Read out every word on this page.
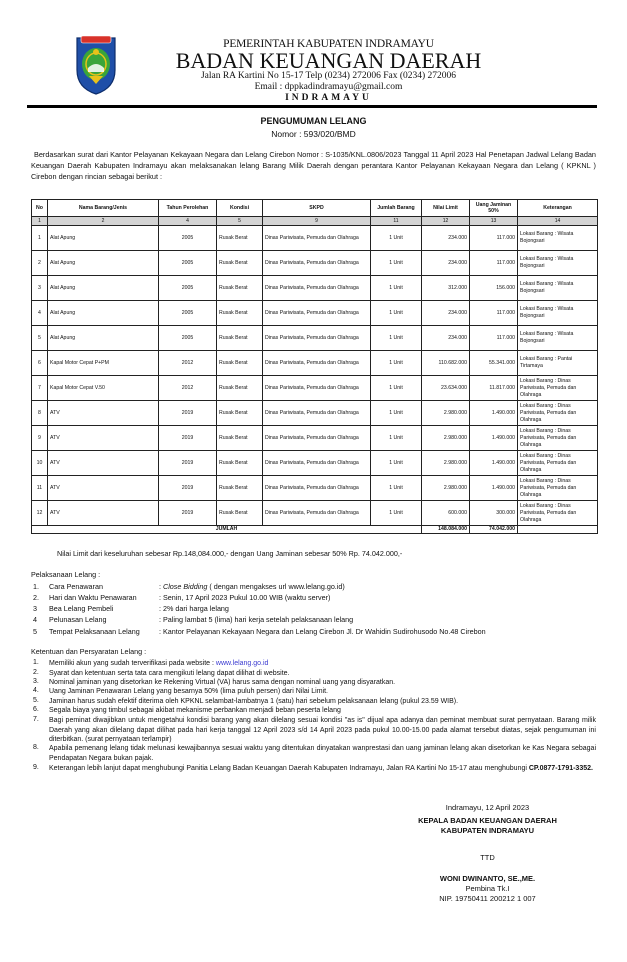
PEMERINTAH KABUPATEN INDRAMAYU
BADAN KEUANGAN DAERAH
Jalan RA Kartini No 15-17 Telp (0234) 272006 Fax (0234) 272006
Email : dppkadindramayu@gmail.com
INDRAMAYU
PENGUMUMAN LELANG
Nomor : 593/020/BMD
Berdasarkan surat dari Kantor Pelayanan Kekayaan Negara dan Lelang Cirebon Nomor : S-1035/KNL.0806/2023 Tanggal 11 April 2023 Hal Penetapan Jadwal Lelang Badan Keuangan Daerah Kabupaten Indramayu akan melaksanakan lelang Barang Milik Daerah dengan perantara Kantor Pelayanan Kekayaan Negara dan Lelang ( KPKNL ) Cirebon dengan rincian sebagai berikut :
No	Nama Barang/Jenis	Tahun Perolehan	Kondisi	SKPD	Jumlah Barang	Nilai Limit	Uang Jaminan 50%	Keterangan
1	2	4	5	9	11	12	13	14
1	Alat Apung	2005	Rusak Berat	Dinas Pariwisata, Pemuda dan Olahraga	1 Unit	234.000	117.000	Lokasi Barang : Wisata Bojongsari
2	Alat Apung	2005	Rusak Berat	Dinas Pariwisata, Pemuda dan Olahraga	1 Unit	234.000	117.000	Lokasi Barang : Wisata Bojongsari
3	Alat Apung	2005	Rusak Berat	Dinas Pariwisata, Pemuda dan Olahraga	1 Unit	312.000	156.000	Lokasi Barang : Wisata Bojongsari
4	Alat Apung	2005	Rusak Berat	Dinas Pariwisata, Pemuda dan Olahraga	1 Unit	234.000	117.000	Lokasi Barang : Wisata Bojongsari
5	Alat Apung	2005	Rusak Berat	Dinas Pariwisata, Pemuda dan Olahraga	1 Unit	234.000	117.000	Lokasi Barang : Wisata Bojongsari
6	Kapal Motor Cepat P+PM	2012	Rusak Berat	Dinas Pariwisata, Pemuda dan Olahraga	1 Unit	110.682.000	55.341.000	Lokasi Barang : Pantai Tirtamaya
7	Kapal Motor Cepat V.50	2012	Rusak Berat	Dinas Pariwisata, Pemuda dan Olahraga	1 Unit	23.634.000	11.817.000	Lokasi Barang : Dinas Pariwisata, Pemuda dan Olahraga
8	ATV	2019	Rusak Berat	Dinas Pariwisata, Pemuda dan Olahraga	1 Unit	2.980.000	1.490.000	Lokasi Barang : Dinas Pariwisata, Pemuda dan Olahraga
9	ATV	2019	Rusak Berat	Dinas Pariwisata, Pemuda dan Olahraga	1 Unit	2.980.000	1.490.000	Lokasi Barang : Dinas Pariwisata, Pemuda dan Olahraga
10	ATV	2019	Rusak Berat	Dinas Pariwisata, Pemuda dan Olahraga	1 Unit	2.980.000	1.490.000	Lokasi Barang : Dinas Pariwisata, Pemuda dan Olahraga
11	ATV	2019	Rusak Berat	Dinas Pariwisata, Pemuda dan Olahraga	1 Unit	2.980.000	1.490.000	Lokasi Barang : Dinas Pariwisata, Pemuda dan Olahraga
12	ATV	2019	Rusak Berat	Dinas Pariwisata, Pemuda dan Olahraga	1 Unit	600.000	300.000	Lokasi Barang : Dinas Pariwisata, Pemuda dan Olahraga
JUMLAH						148.084.000	74.042.000	
Nilai Limit dari keseluruhan sebesar Rp.148,084.000,- dengan Uang Jaminan sebesar 50% Rp. 74.042.000,-
Pelaksanaan Lelang :
1. Cara Penawaran	: Close Bidding ( dengan mengakses url www.lelang.go.id)
2. Hari dan Waktu Penawaran	: Senin, 17 April 2023 Pukul 10.00 WIB (waktu server)
3 Bea Lelang Pembeli	: 2% dari harga lelang
4 Pelunasan Lelang	: Paling lambat 5 (lima) hari kerja setelah pelaksanaan lelang
5 Tempat Pelaksanaan Lelang	: Kantor Pelayanan Kekayaan Negara dan Lelang Cirebon Jl. Dr Wahidin Sudirohusodo No.48 Cirebon
Ketentuan dan Persyaratan Lelang :
1. Memiliki akun yang sudah terverifikasi pada website : www.lelang.go.id
2. Syarat dan ketentuan serta tata cara mengikuti lelang dapat dilihat di website.
3. Nominal jaminan yang disetorkan ke Rekening Virtual (VA) harus sama dengan nominal uang yang disyaratkan.
4. Uang Jaminan Penawaran Lelang yang besarnya 50% (lima puluh persen) dari Nilai Limit.
5. Jaminan harus sudah efektif diterima oleh KPKNL selambat-lambatnya 1 (satu) hari sebelum pelaksanaan lelang (pukul 23.59 WIB).
6. Segala biaya yang timbul sebagai akibat mekanisme perbankan menjadi beban peserta lelang
7. Bagi peminat diwajibkan untuk mengetahui kondisi barang yang akan dilelang sesuai kondisi "as is" dijual apa adanya dan peminat membuat surat pernyataan. Barang milik Daerah yang akan dilelang dapat dilihat pada hari kerja tanggal 12 April 2023 s/d 14 April 2023 pada pukul 10.00-15.00 pada alamat tersebut diatas, sejak pengumuman ini diterbitkan. (surat pernyataan terlampir)
8. Apabila pemenang lelang tidak melunasi kewajibannya sesuai waktu yang ditentukan dinyatakan wanprestasi dan uang jaminan lelang akan disetorkan ke Kas Negara sebagai Pendapatan Negara bukan pajak.
9. Keterangan lebih lanjut dapat menghubungi Panitia Lelang Badan Keuangan Daerah Kabupaten Indramayu, Jalan RA Kartini No 15-17 atau menghubungi CP.0877-1791-3352.
Indramayu, 12 April 2023
KEPALA BADAN KEUANGAN DAERAH
KABUPATEN INDRAMAYU
TTD
WONI DWINANTO, SE.,ME.
Pembina Tk.I
NIP. 19750411 200212 1 007
